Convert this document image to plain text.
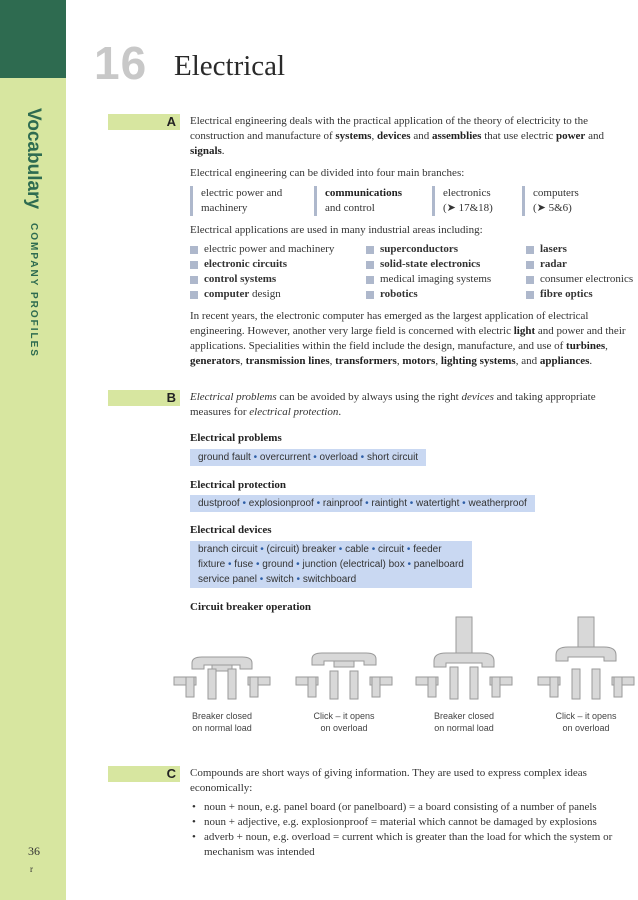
Vocabulary COMPANY PROFILES
36
r
16 Electrical
A Electrical engineering deals with the practical application of the theory of electricity to the construction and manufacture of systems, devices and assemblies that use electric power and signals.
Electrical engineering can be divided into four main branches:
electric power and
machinery
communications
and control
electronics
(➤ 17&18)
computers
(➤ 5&6)
Electrical applications are used in many industrial areas including:
electric power and machinery
electronic circuits
control systems
computer design
superconductors
solid-state electronics
medical imaging systems
robotics
lasers
radar
consumer electronics
fibre optics
In recent years, the electronic computer has emerged as the largest application of electrical engineering. However, another very large field is concerned with electric light and power and their applications. Specialities within the field include the design, manufacture, and use of turbines, generators, transmission lines, transformers, motors, lighting systems, and appliances.
B Electrical problems can be avoided by always using the right devices and taking appropriate measures for electrical protection.
Electrical problems
ground fault • overcurrent • overload • short circuit
Electrical protection
dustproof • explosionproof • rainproof • raintight • watertight • weatherproof
Electrical devices
branch circuit • (circuit) breaker • cable • circuit • feeder
fixture • fuse • ground • junction (electrical) box • panelboard
service panel • switch • switchboard
Circuit breaker operation
Breaker closed
on normal load
Click – it opens
on overload
Breaker closed
on normal load
Click – it opens
on overload
C Compounds are short ways of giving information. They are used to express complex ideas economically:
• noun + noun, e.g. panel board (or panelboard) = a board consisting of a number of panels
• noun + adjective, e.g. explosionproof = material which cannot be damaged by explosions
• adverb + noun, e.g. overload = current which is greater than the load for which the system or mechanism was intended
